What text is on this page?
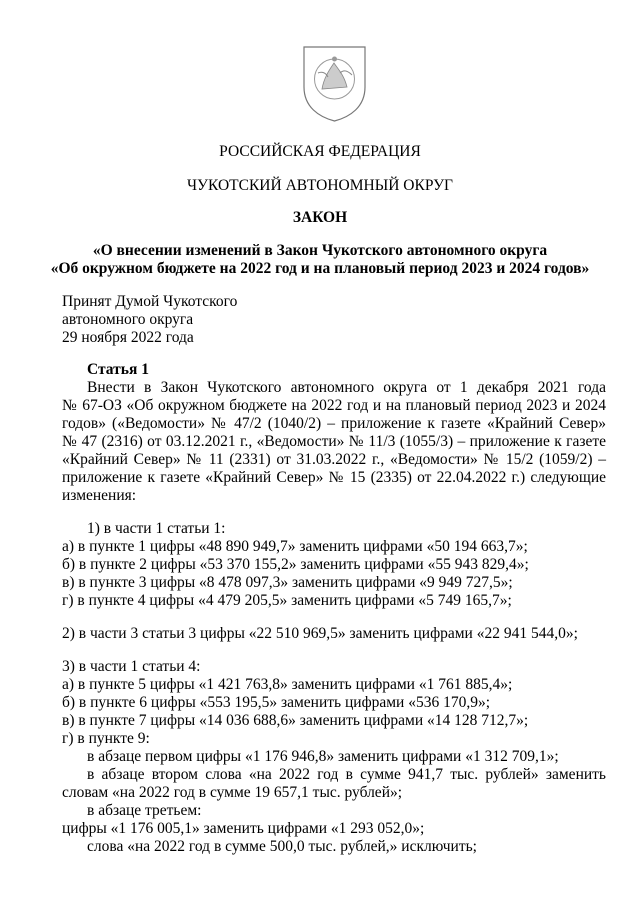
РОССИЙСКАЯ ФЕДЕРАЦИЯ
ЧУКОТСКИЙ АВТОНОМНЫЙ ОКРУГ
ЗАКОН
«О внесении изменений в Закон Чукотского автономного округа
«Об окружном бюджете на 2022 год и на плановый период 2023 и 2024 годов»
Принят Думой Чукотского
автономного округа
29 ноября 2022 года
Статья 1
Внести в Закон Чукотского автономного округа от 1 декабря 2021 года
№ 67-ОЗ «Об окружном бюджете на 2022 год и на плановый период 2023 и 2024
годов» («Ведомости» № 47/2 (1040/2) – приложение к газете «Крайний Север»
№ 47 (2316) от 03.12.2021 г., «Ведомости» № 11/3 (1055/3) – приложение к газете
«Крайний Север» № 11 (2331) от 31.03.2022 г., «Ведомости» № 15/2 (1059/2) –
приложение к газете «Крайний Север» № 15 (2335) от 22.04.2022 г.) следующие
изменения:
1) в части 1 статьи 1:
а) в пункте 1 цифры «48 890 949,7» заменить цифрами «50 194 663,7»;
б) в пункте 2 цифры «53 370 155,2» заменить цифрами «55 943 829,4»;
в) в пункте 3 цифры «8 478 097,3» заменить цифрами «9 949 727,5»;
г) в пункте 4 цифры «4 479 205,5» заменить цифрами «5 749 165,7»;
2) в части 3 статьи 3 цифры «22 510 969,5» заменить цифрами «22 941 544,0»;
3) в части 1 статьи 4:
а) в пункте 5 цифры «1 421 763,8» заменить цифрами «1 761 885,4»;
б) в пункте 6 цифры «553 195,5» заменить цифрами «536 170,9»;
в) в пункте 7 цифры «14 036 688,6» заменить цифрами «14 128 712,7»;
г) в пункте 9:
в абзаце первом цифры «1 176 946,8» заменить цифрами «1 312 709,1»;
в абзаце втором слова «на 2022 год в сумме 941,7 тыс. рублей» заменить
словам «на 2022 год в сумме 19 657,1 тыс. рублей»;
в абзаце третьем:
цифры «1 176 005,1» заменить цифрами «1 293 052,0»;
слова «на 2022 год в сумме 500,0 тыс. рублей,» исключить;
